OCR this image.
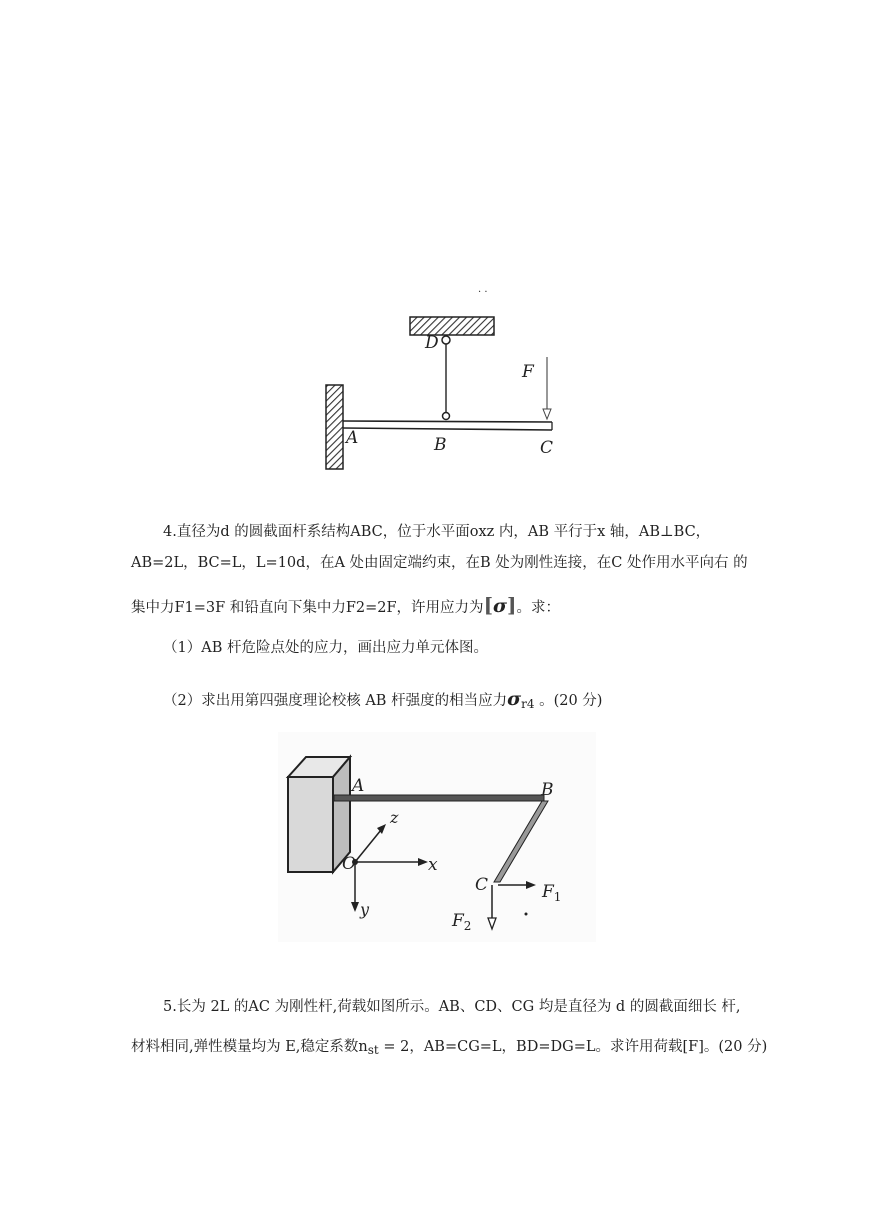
· ·
D
F
A	B	C
4.直径为d 的圆截面杆系结构ABC，位于水平面oxz 内，AB 平行于x 轴，AB⊥BC，
AB=2L，BC=L，L=10d，在A 处由固定端约束，在B 处为刚性连接，在C 处作用水平向右 的
集中力F1=3F 和铅直向下集中力F2=2F，许用应力为[σ]。求：
（1）AB 杆危险点处的应力，画出应力单元体图。
（2）求出用第四强度理论校核 AB 杆强度的相当应力$\sigma_{r4}$ 。(20 分)
A	B
z
O	x
y
C	$F_1$
$F_2$
5.长为 2L 的AC 为刚性杆,荷载如图所示。AB、CD、CG 均是直径为 d 的圆截面细长 杆,
材料相同,弹性模量均为 E,稳定系数$n_{st} = 2$，AB=CG=L，BD=DG=L。求许用荷载[F]。(20 分)
